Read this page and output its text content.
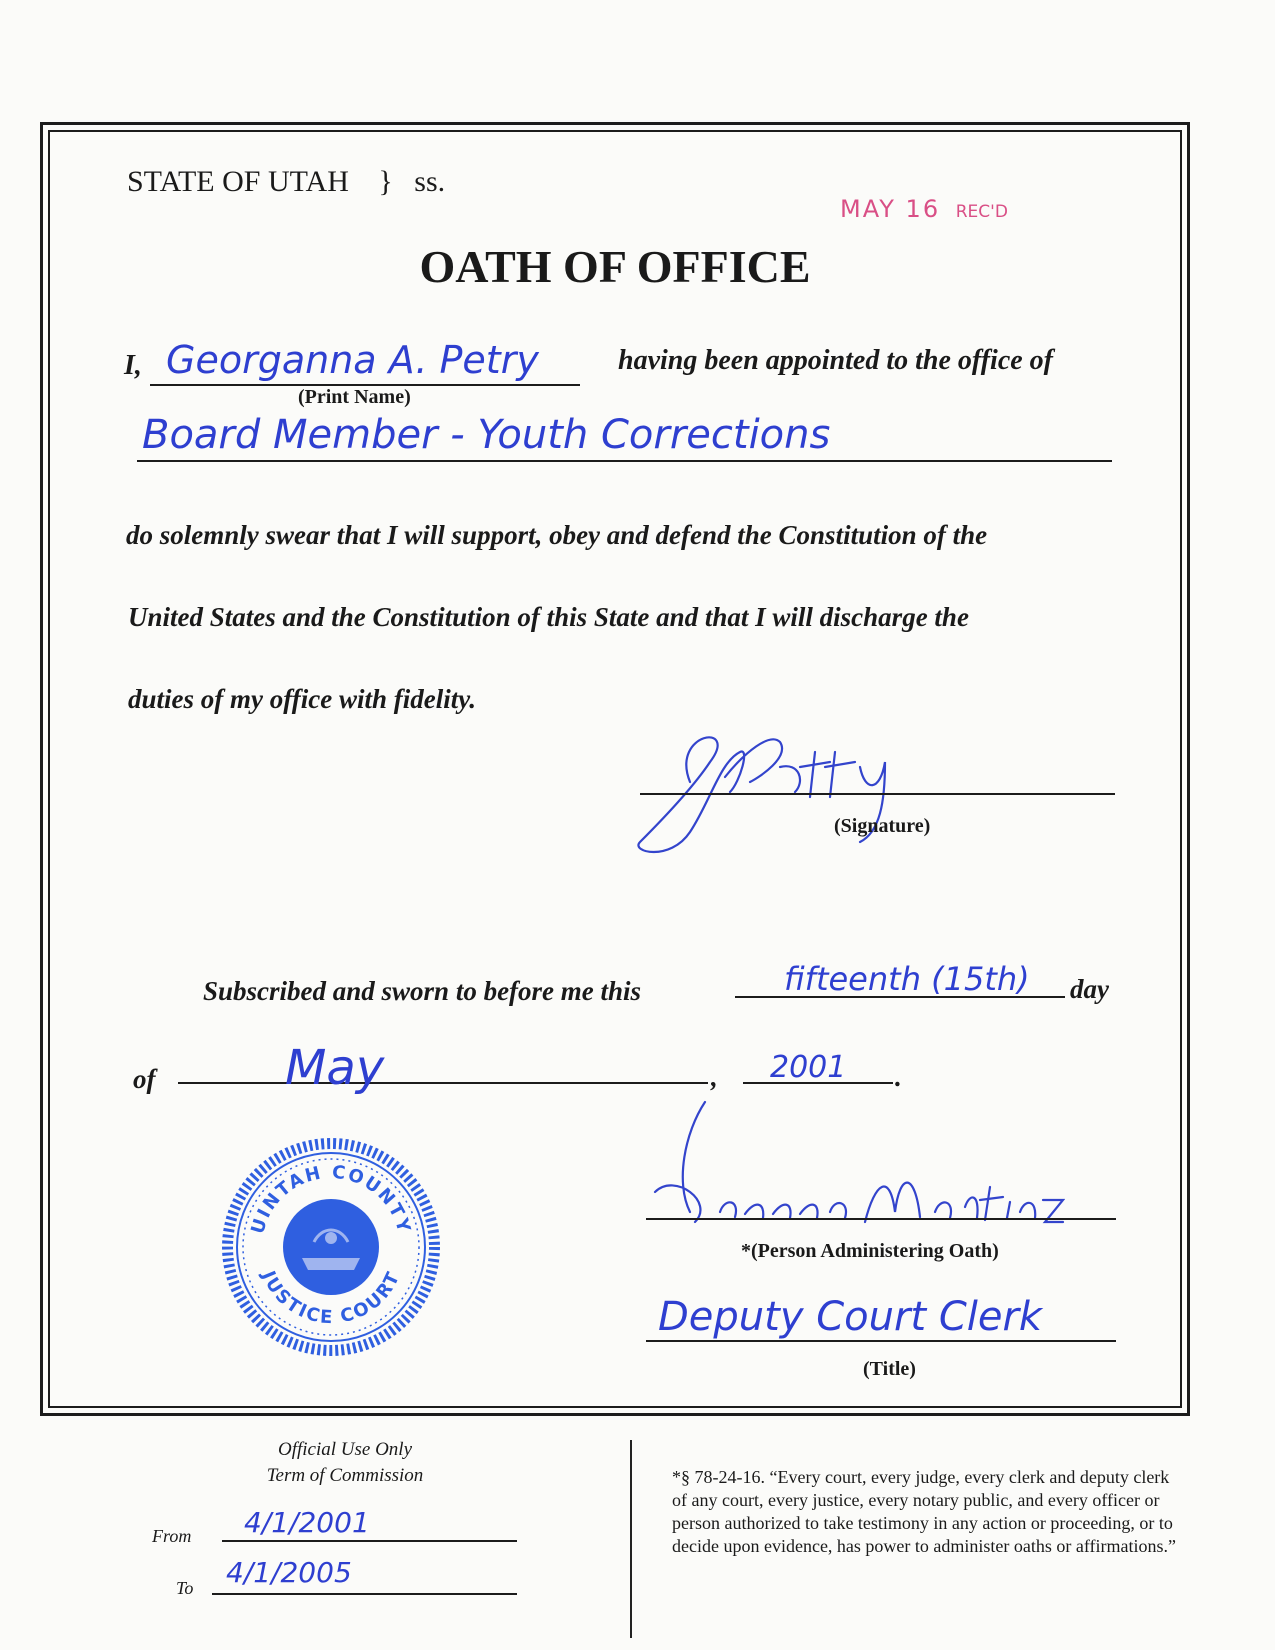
STATE OF UTAH } ss.
MAY 16 REC'D
OATH OF OFFICE
I, Georganna A. Petry
(Print Name)
having been appointed to the office of
Board Member - Youth Corrections
do solemnly swear that I will support, obey and defend the Constitution of the
United States and the Constitution of this State and that I will discharge the
duties of my office with fidelity.
(Signature)
Subscribed and sworn to before me this	fifteenth (15th) day
of	May	, 2001 .
UINTAH COUNTY
JUSTICE COURT
*(Person Administering Oath)
Deputy Court Clerk
(Title)
Official Use Only
Term of Commission
From 4/1/2001
To 4/1/2005
*§ 78-24-16. “Every court, every judge, every clerk and deputy clerk of any court, every justice, every notary public, and every officer or person authorized to take testimony in any action or proceeding, or to decide upon evidence, has power to administer oaths or affirmations.”
